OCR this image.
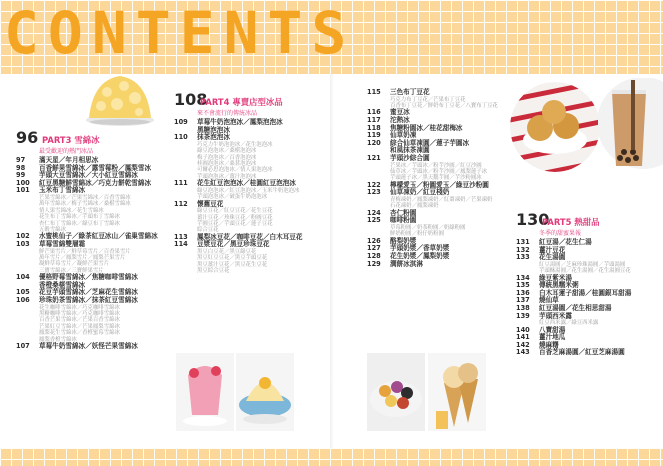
CONTENTS
96 PART3 雪綿冰
最受歡迎的熱門冰品
97	滿天星／年月相思冰
98	百香鮮果雪綿冰／露雪莓粉／鳳梨雪冰
99	芋頭大豆雪綿冰／大小紅豆雪綿冰
100	紅豆黑糖鮮雪綿冰／巧克力餅乾雪綿冰
101	玉米布丁雪綿冰
芒果雪綿冰／芒果雪綿冰／百香雪綿冰
萬年雪綿冰／梅子雪綿冰／桑椹雪綿冰
情人果雪綿冰／花生雪綿冰
花生布丁雪綿冰／芋頭布丁雪綿冰
杏仁布丁雪綿冰／綠豆布丁雪綿冰
五穀雪綿冰
102	水蜜桃仙子／綠茶紅豆冰山／雀巢雪綿冰
103	草莓雪綿雙層霜
鮮芒果雪片／鮮草莓雪片／百香果雪片
萬年雪片／鳳梨雪片／鳳梨芒果雪片
凝鮮草莓雪片／凝鮮芒果雪片
三寶雪綿冰／三寶鮮果雪片
104	優格野莓雪綿冰／焦糖咖啡雪綿冰
香橙桑椹雪綿冰
105	花豆芋頭雪綿冰／芝麻花生雪綿冰
106	珍珠奶茶雪綿冰／抹茶紅豆雪綿冰
花生咖啡雪綿冰／巧克咖啡雪綿冰
黑糖咖啡雪綿冰／巧克咖啡雪綿冰
百香芒果雪綿冰／芒果百香雪綿冰
芒果紅豆雪綿冰／芒果鳳梨雪綿冰
鳳梨花生雪綿冰／香橙蜜莓雪綿冰
鳳梨香橙雪綿冰
107	草莓牛奶雪綿冰／妖怪芒果雪綿冰
108
PART4 專賣店型冰品
來不會流行的傳統冰品
109	草莓牛奶泡泡冰／鳳梨泡泡冰
黑糖泡泡冰
110	抹茶泡泡冰
巧克力牛奶泡泡冰／花生泡泡冰
綠豆泡泡冰／桑椹泡泡冰
梅子泡泡冰／百香泡泡冰
桂圓泡泡冰／桑葚泡泡冰
可爾必思泡泡冰／情人果泡泡冰
芋頭泡泡冰／薑汁泡泡冰
111	花生紅豆泡泡冰／桂圓紅豆泡泡冰
綠豆泡泡冰／紅豆泡泡冰／玉米牛奶泡泡冰
芋頭泡泡冰／破蛋牛奶泡泡冰
112	懷舊豆花
綠豆豆花／紅豆豆花／花生豆花
薑汁豆花／珍珠豆花／粉圓豆花
芋圓豆花／芋頭豆花／蓮子豆花
綜合豆花
113	鳳梨冰豆花／咖啡豆花／白木耳豆花
114	豆漿豆花／黑豆珍珠豆花
黑豆白豆花／黑豆綠豆花
黑豆紅豆豆花／黑豆芋頭豆花
黑豆薑汁豆花／黑豆花生豆花
黑豆綜合豆花
115	三色布丁豆花
巧克力布丁豆花／芒果布丁豆花
百香布丁豆花／鮮奶布丁豆花／八寶布丁豆花
116	蜜豆冰
117	沱熱冰
118	焦糖粉圓冰／桂花甜梅冰
119	仙草奶凍
120	綜合仙草凍圓／蓮子芋圓冰
和風抹茶凍圓
121	芋頭沙綜合圓
芒果冰／芋頭冰／粉芋沙圓／紅豆沙圓
仙草冰／芋頭冰／粉芋沙圓／鳳梨蓮子冰
芋頭蓮子冰／黑天鵝芋圓／芋沙粉圓冰
122	檸檬愛玉／粉圓愛玉／綠豆沙粉圓
123	仙草凍奶／紅豆棧奶
青梅凍奶／鳳梨凍奶／紅棗凍奶／芒果凍奶
石花凍奶／鳳梨凍奶
124	杏仁粉圓
125	咖啡粉圓
草莓粉圓／奶茶粉圓／奶綠粉圓
鮮奶粉圓／粉仔奶粉圓
126	酪梨奶漿
127	芋頭奶漿／香草奶漿
128	花生奶漿／鳳梨奶漿
129	潤餅冰淇淋
130
PART5 熱甜品
冬季的甜蜜果報
131	紅豆湯／花生仁湯
132	薑汁豆花
133	花生湯圓
紅豆湯圓／芝麻珍珠湯圓／芋頭湯圓
芋頭酥湯圓／花生湯圓／花生湯圓豆花
134	綠豆紫米湯
135	傳統黑糯米粥
136	白木耳蓮子甜湯／桂圓銀耳甜湯
137	燒仙草
138	紅豆湯圓／花生相思甜湯
139	芋頭西米露
紅豆西米露／綠豆西米露
140	八寶甜湯
141	薑汁地瓜
142	燒麻糬
143	百香芝麻湯圓／紅豆芝麻湯圓
